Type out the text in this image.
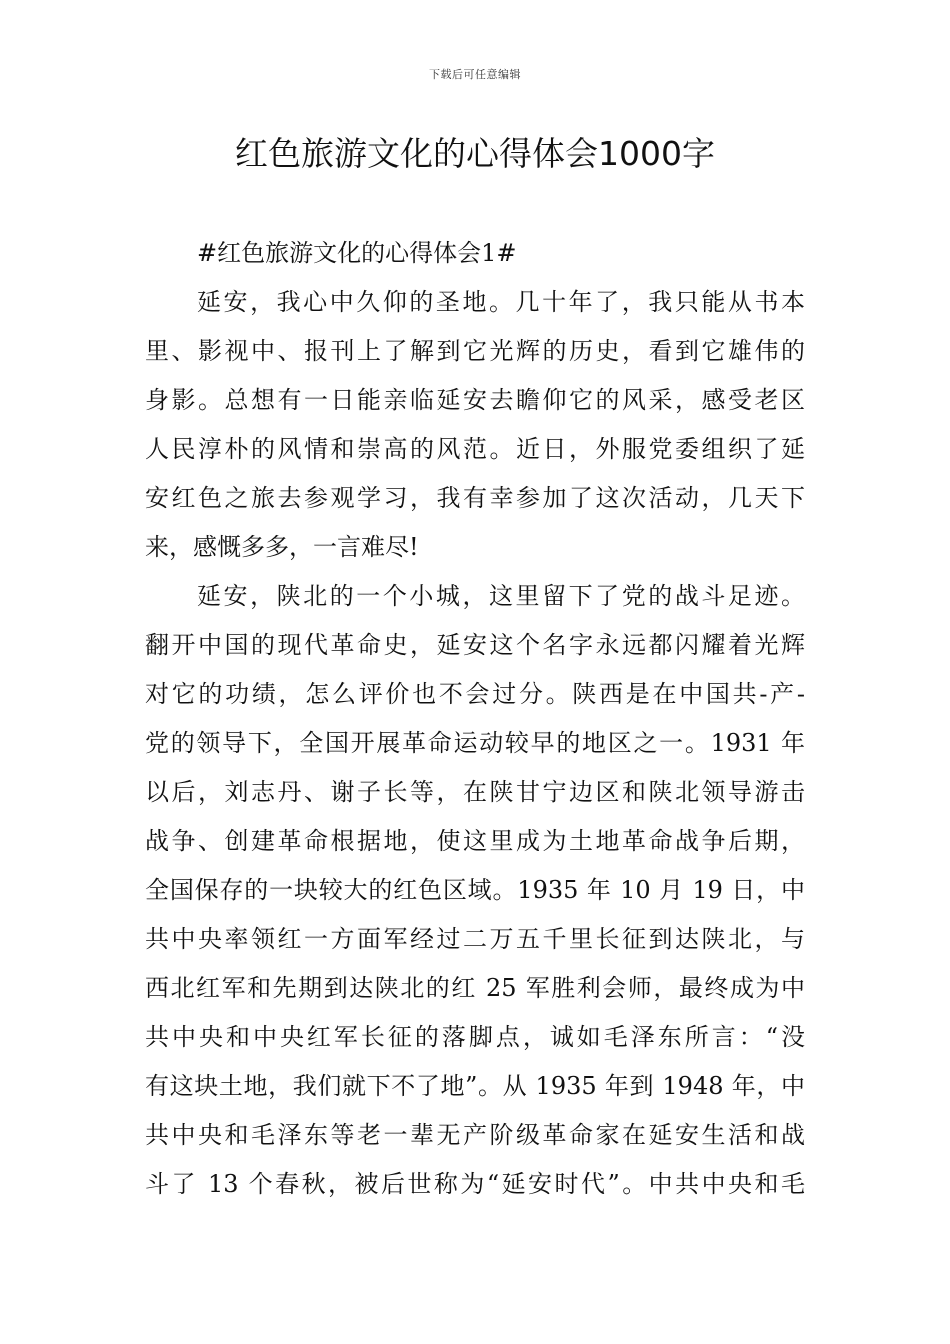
下载后可任意编辑
红色旅游文化的心得体会1000字
#红色旅游文化的心得体会1#
延安，我心中久仰的圣地。几十年了，我只能从书本
里、影视中、报刊上了解到它光辉的历史，看到它雄伟的
身影。总想有一日能亲临延安去瞻仰它的风采，感受老区
人民淳朴的风情和崇高的风范。近日，外服党委组织了延
安红色之旅去参观学习，我有幸参加了这次活动，几天下
来，感慨多多，一言难尽!
延安，陕北的一个小城，这里留下了党的战斗足迹。
翻开中国的现代革命史，延安这个名字永远都闪耀着光辉
对它的功绩，怎么评价也不会过分。陕西是在中国共-产-
党的领导下，全国开展革命运动较早的地区之一。1931 年
以后，刘志丹、谢子长等，在陕甘宁边区和陕北领导游击
战争、创建革命根据地，使这里成为土地革命战争后期，
全国保存的一块较大的红色区域。1935 年 10 月 19 日，中
共中央率领红一方面军经过二万五千里长征到达陕北，与
西北红军和先期到达陕北的红 25 军胜利会师，最终成为中
共中央和中央红军长征的落脚点，诚如毛泽东所言：“没
有这块土地，我们就下不了地”。从 1935 年到 1948 年，中
共中央和毛泽东等老一辈无产阶级革命家在延安生活和战
斗了 13 个春秋，被后世称为“延安时代”。中共中央和毛
